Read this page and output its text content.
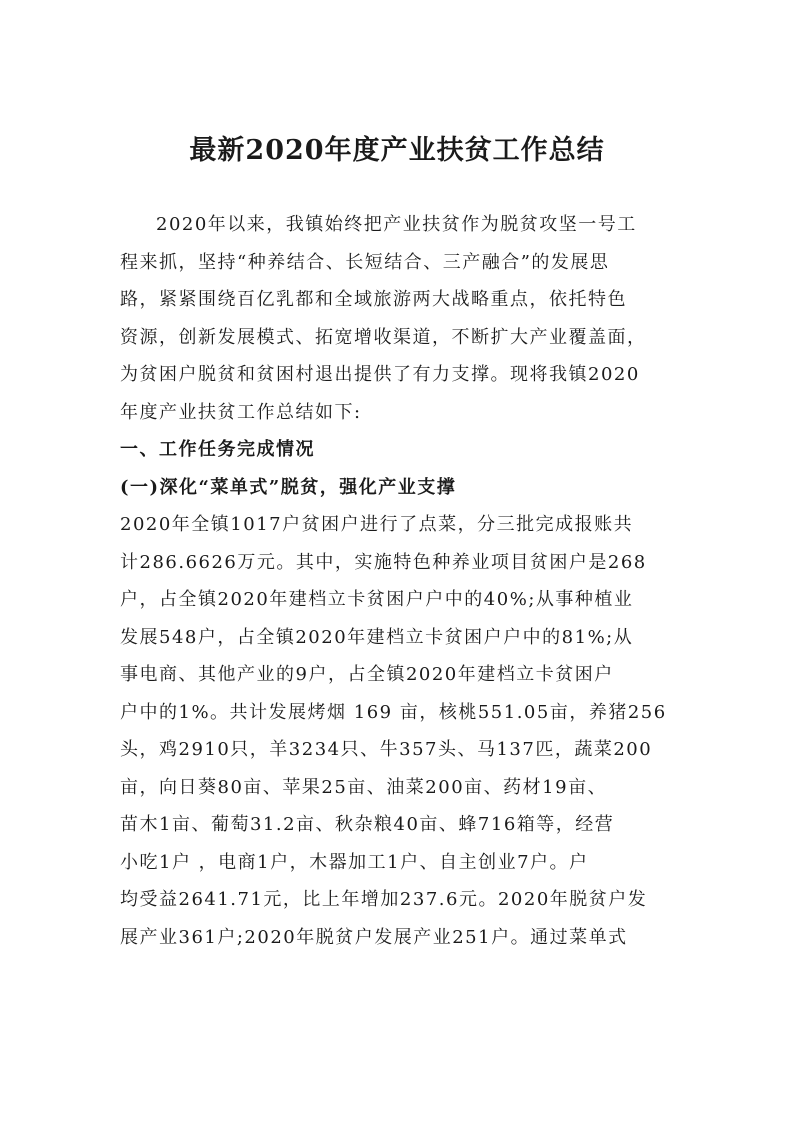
最新2020年度产业扶贫工作总结
2020年以来，我镇始终把产业扶贫作为脱贫攻坚一号工
程来抓，坚持“种养结合、长短结合、三产融合”的发展思
路，紧紧围绕百亿乳都和全域旅游两大战略重点，依托特色
资源，创新发展模式、拓宽增收渠道，不断扩大产业覆盖面，
为贫困户脱贫和贫困村退出提供了有力支撑。现将我镇2020
年度产业扶贫工作总结如下:
一、工作任务完成情况
(一)深化“菜单式”脱贫，强化产业支撑
2020年全镇1017户贫困户进行了点菜，分三批完成报账共
计286.6626万元。其中，实施特色种养业项目贫困户是268
户，占全镇2020年建档立卡贫困户户中的40%;从事种植业
发展548户，占全镇2020年建档立卡贫困户户中的81%;从
事电商、其他产业的9户，占全镇2020年建档立卡贫困户
户中的1%。共计发展烤烟 169 亩，核桃551.05亩，养猪256
头，鸡2910只，羊3234只、牛357头、马137匹，蔬菜200
亩，向日葵80亩、苹果25亩、油菜200亩、药材19亩、
苗木1亩、葡萄31.2亩、秋杂粮40亩、蜂716箱等，经营
小吃1户 ，电商1户，木器加工1户、自主创业7户。户
均受益2641.71元，比上年增加237.6元。2020年脱贫户发
展产业361户;2020年脱贫户发展产业251户。通过菜单式
